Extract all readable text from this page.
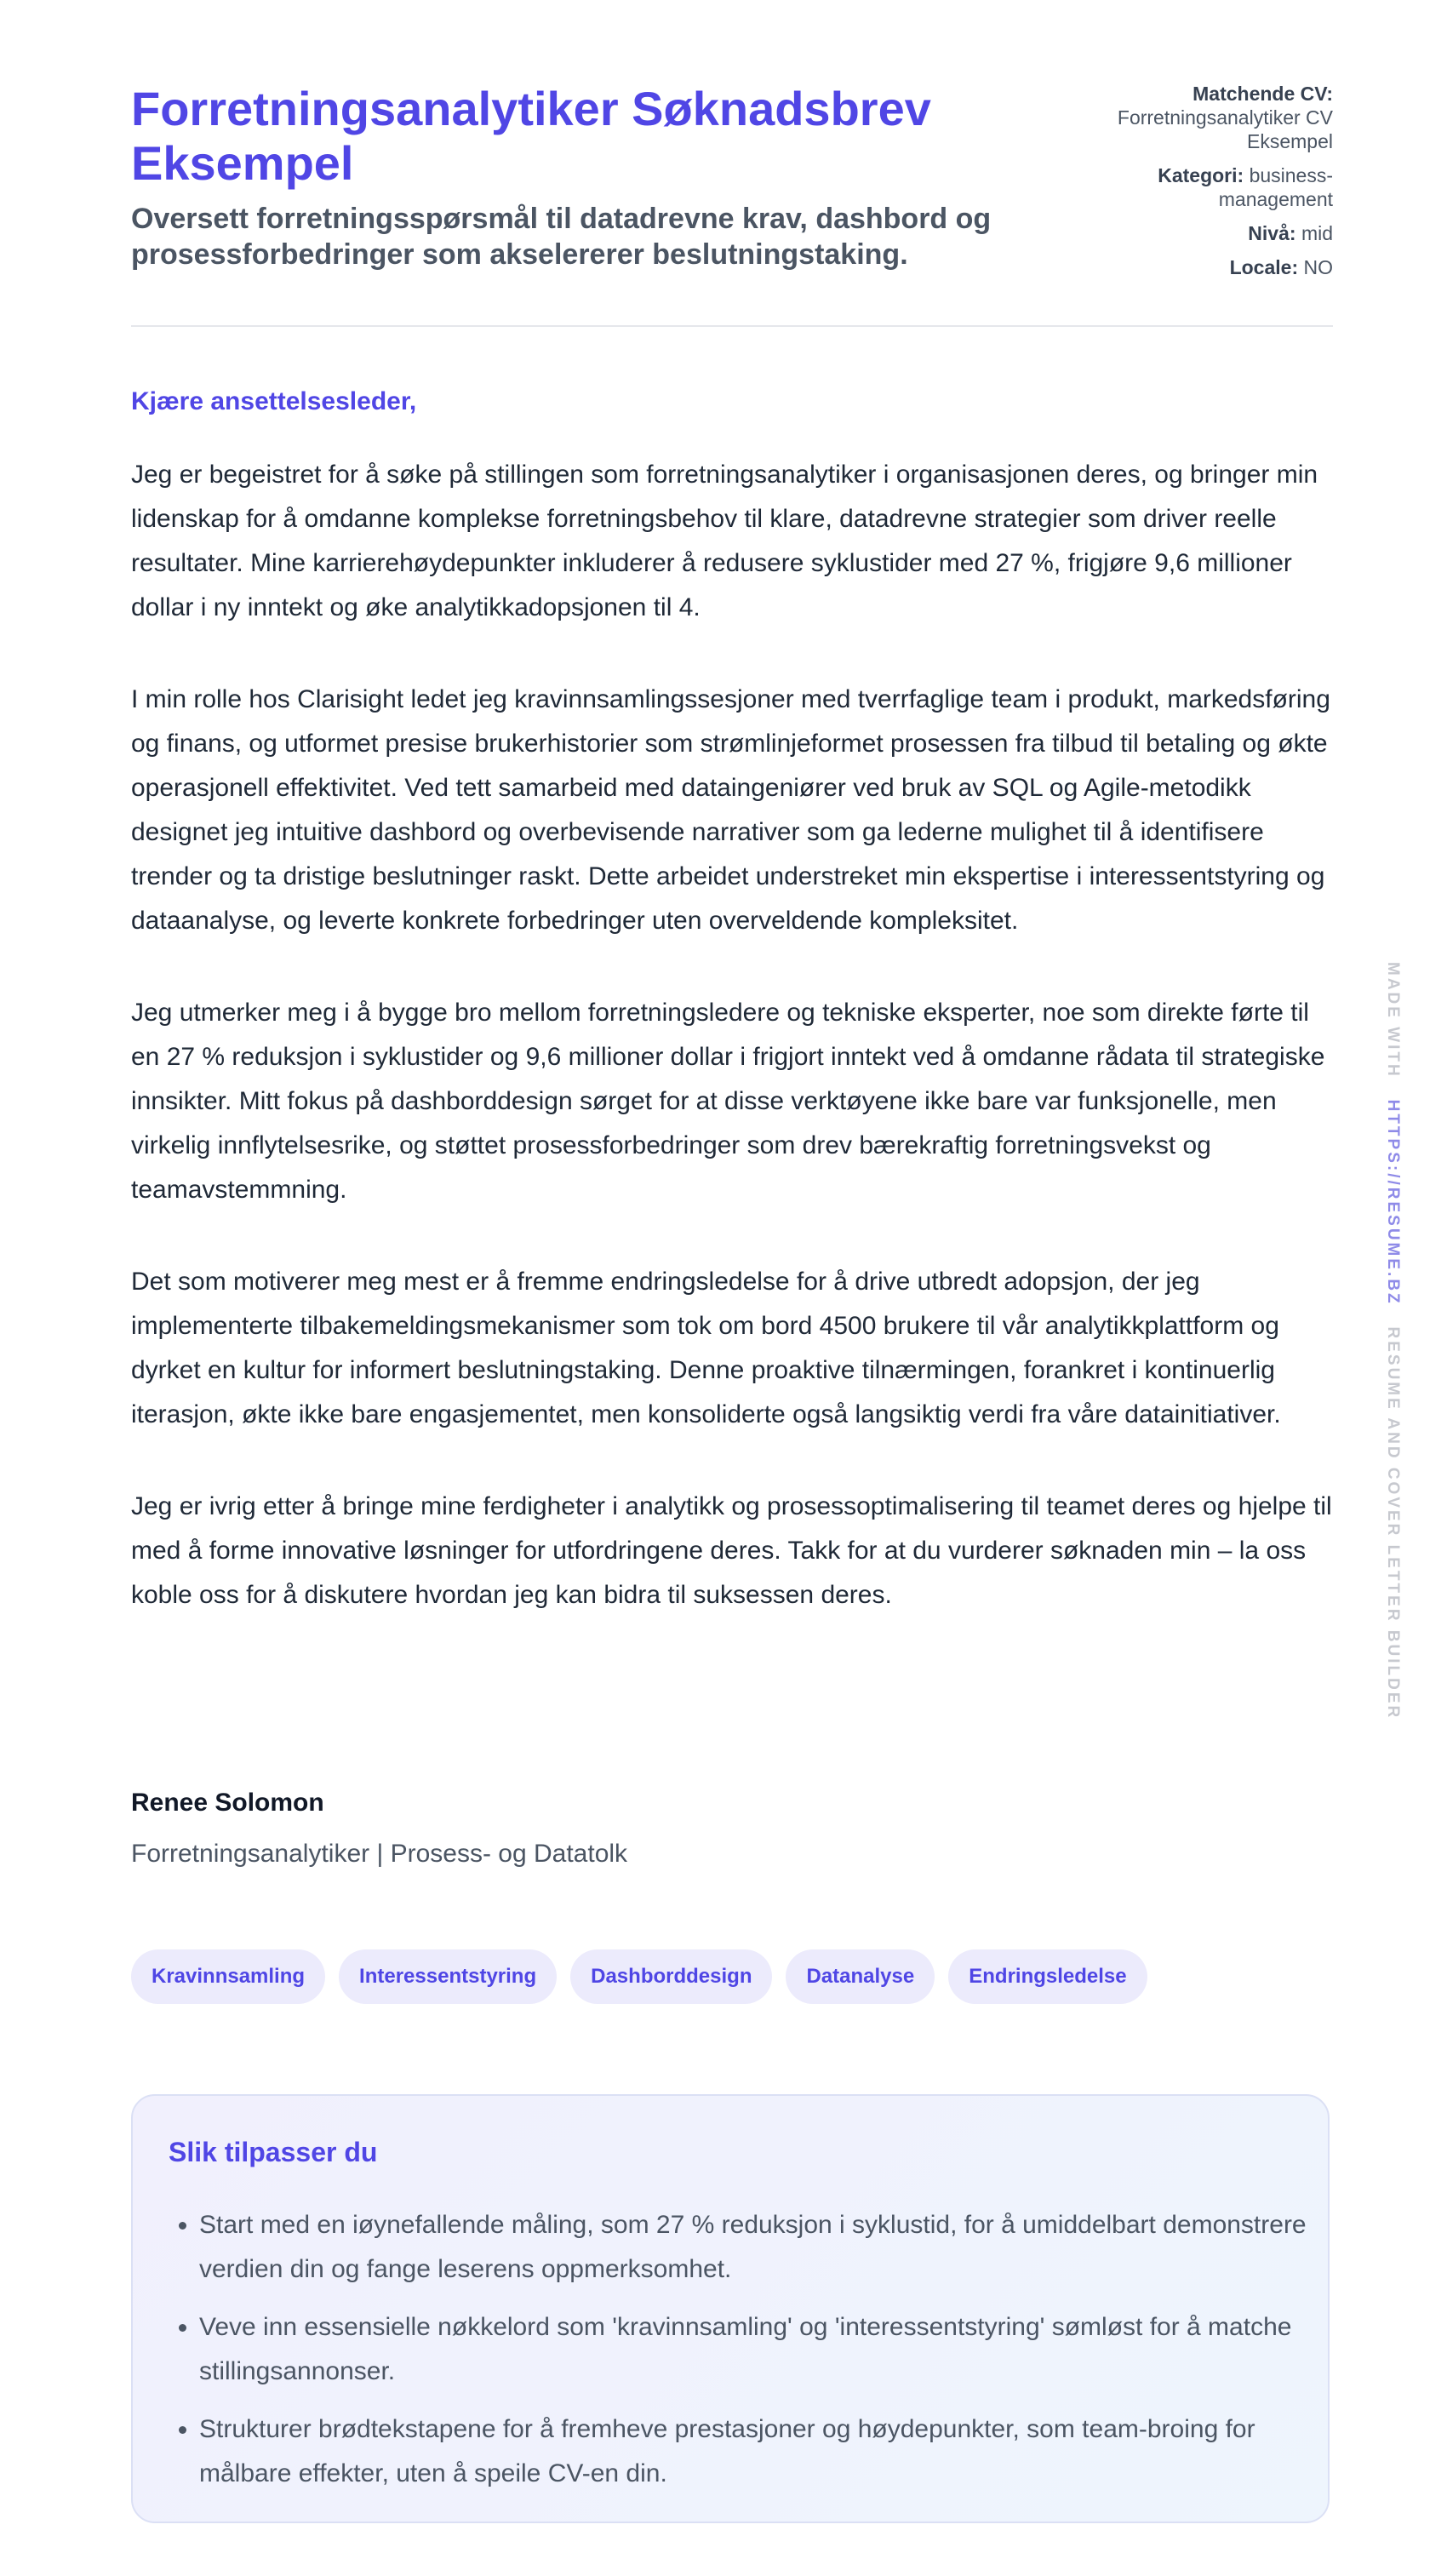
Forretningsanalytiker Søknadsbrev Eksempel
Oversett forretningsspørsmål til datadrevne krav, dashbord og prosessforbedringer som akselererer beslutningstaking.
Matchende CV: Forretningsanalytiker CV Eksempel
Kategori: business-management
Nivå: mid
Locale: NO

Kjære ansettelsesleder,

Jeg er begeistret for å søke på stillingen som forretningsanalytiker i organisasjonen deres, og bringer min lidenskap for å omdanne komplekse forretningsbehov til klare, datadrevne strategier som driver reelle resultater. Mine karrierehøydepunkter inkluderer å redusere syklustider med 27 %, frigjøre 9,6 millioner dollar i ny inntekt og øke analytikkadopsjonen til 4.

I min rolle hos Clarisight ledet jeg kravinnsamlingssesjoner med tverrfaglige team i produkt, markedsføring og finans, og utformet presise brukerhistorier som strømlinjeformet prosessen fra tilbud til betaling og økte operasjonell effektivitet. Ved tett samarbeid med dataingeniører ved bruk av SQL og Agile-metodikk designet jeg intuitive dashbord og overbevisende narrativer som ga lederne mulighet til å identifisere trender og ta dristige beslutninger raskt. Dette arbeidet understreket min ekspertise i interessentstyring og dataanalyse, og leverte konkrete forbedringer uten overveldende kompleksitet.

Jeg utmerker meg i å bygge bro mellom forretningsledere og tekniske eksperter, noe som direkte førte til en 27 % reduksjon i syklustider og 9,6 millioner dollar i frigjort inntekt ved å omdanne rådata til strategiske innsikter. Mitt fokus på dashborddesign sørget for at disse verktøyene ikke bare var funksjonelle, men virkelig innflytelsesrike, og støttet prosessforbedringer som drev bærekraftig forretningsvekst og teamavstemmning.

Det som motiverer meg mest er å fremme endringsledelse for å drive utbredt adopsjon, der jeg implementerte tilbakemeldingsmekanismer som tok om bord 4500 brukere til vår analytikkplattform og dyrket en kultur for informert beslutningstaking. Denne proaktive tilnærmingen, forankret i kontinuerlig iterasjon, økte ikke bare engasjementet, men konsoliderte også langsiktig verdi fra våre datainitiativer.

Jeg er ivrig etter å bringe mine ferdigheter i analytikk og prosessoptimalisering til teamet deres og hjelpe til med å forme innovative løsninger for utfordringene deres. Takk for at du vurderer søknaden min – la oss koble oss for å diskutere hvordan jeg kan bidra til suksessen deres.

Renee Solomon

Forretningsanalytiker | Prosess- og Datatolk

Kravinnsamling	Interessentstyring	Dashborddesign	Datanalyse	Endringsledelse
Slik tilpasser du
• Start med en iøynefallende måling, som 27 % reduksjon i syklustid, for å umiddelbart demonstrere verdien din og fange leserens oppmerksomhet.
• Veve inn essensielle nøkkelord som 'kravinnsamling' og 'interessentstyring' sømløst for å matche stillingsannonser.
• Strukturer brødtekstapene for å fremheve prestasjoner og høydepunkter, som team-broing for målbare effekter, uten å speile CV-en din.
MADE WITH   HTTPS://RESUME.BZ   RESUME AND COVER LETTER BUILDER
